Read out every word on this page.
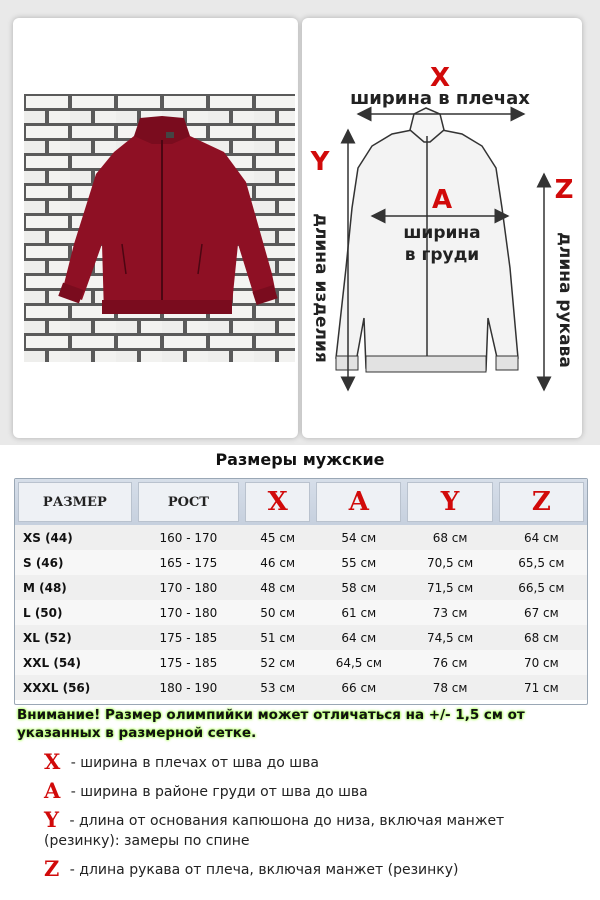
X
ширина в плечах
A
ширина
в груди
Y
Z
длина изделия	длина рукава
Размеры мужские
РАЗМЕР	РОСТ	X	A	Y	Z

XS (44)	160 - 170	45 см	54 см	68 см	64 см
S (46)	165 - 175	46 см	55 см	70,5 см	65,5 см
M (48)	170 - 180	48 см	58 см	71,5 см	66,5 см
L (50)	170 - 180	50 см	61 см	73 см	67 см
XL (52)	175 - 185	51 см	64 см	74,5 см	68 см
XXL (54)	175 - 185	52 см	64,5 см	76 см	70 см
XXXL (56)	180 - 190	53 см	66 см	78 см	71 см
Внимание! Размер олимпийки может отличаться на +/- 1,5 см от указанных в размерной сетке.
X - ширина в плечах от шва до шва
A - ширина в районе груди от шва до шва
Y - длина от основания капюшона до низа, включая манжет (резинку): замеры по спине
Z - длина рукава от плеча, включая манжет (резинку)
